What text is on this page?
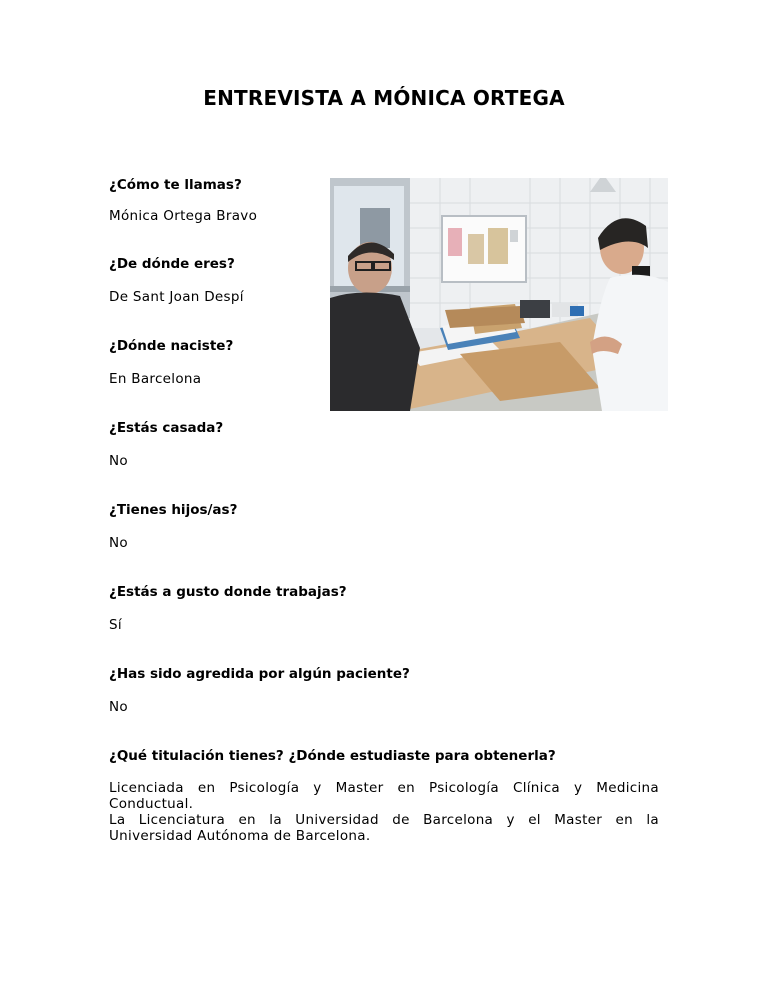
ENTREVISTA A MÓNICA ORTEGA
¿Cómo te llamas?
Mónica Ortega Bravo
¿De dónde eres?
De Sant Joan Despí
¿Dónde naciste?
En Barcelona
¿Estás casada?
No
¿Tienes hijos/as?
No
¿Estás a gusto donde trabajas?
Sí
¿Has sido agredida por algún paciente?
No
¿Qué titulación tienes? ¿Dónde estudiaste para obtenerla?
Licenciada en Psicología y Master en Psicología Clínica y Medicina
Conductual.
La Licenciatura en la Universidad de Barcelona y el Master en la
Universidad Autónoma de Barcelona.
